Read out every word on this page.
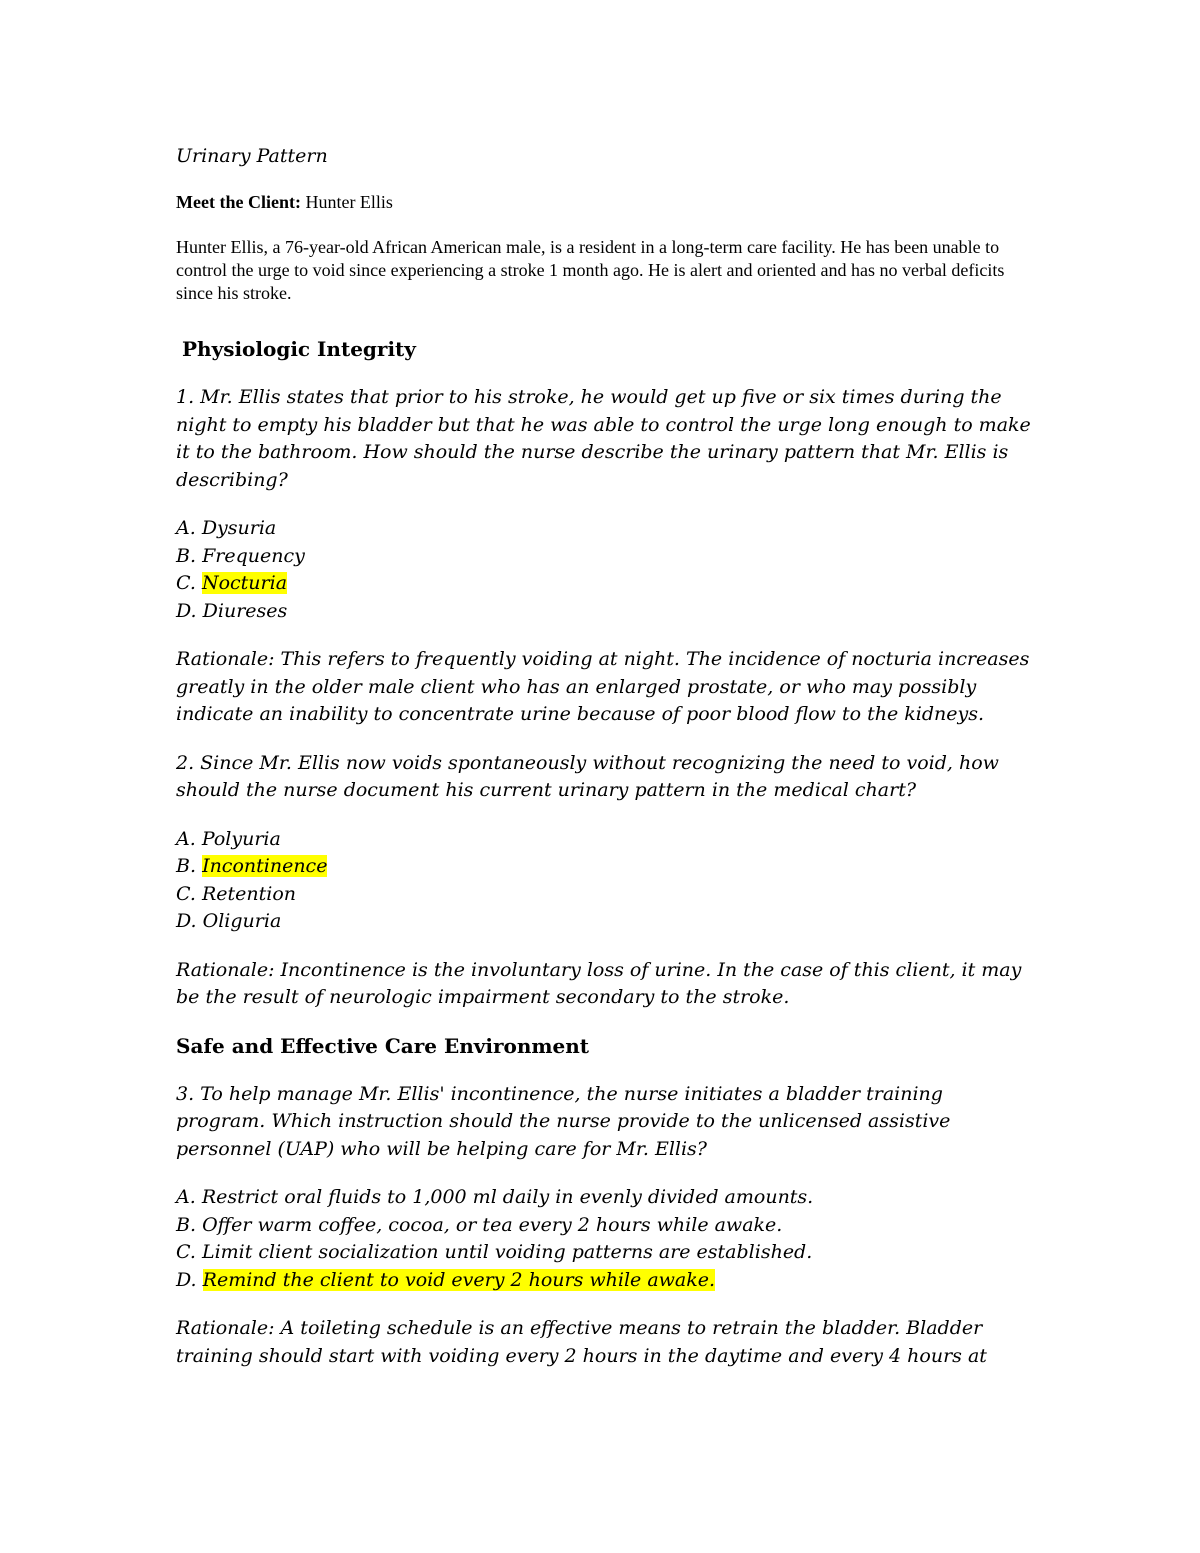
Urinary Pattern

Meet the Client: Hunter Ellis

Hunter Ellis, a 76-year-old African American male, is a resident in a long-term care facility. He has been unable to control the urge to void since experiencing a stroke 1 month ago. He is alert and oriented and has no verbal deficits since his stroke.

Physiologic Integrity

1. Mr. Ellis states that prior to his stroke, he would get up five or six times during the night to empty his bladder but that he was able to control the urge long enough to make it to the bathroom. How should the nurse describe the urinary pattern that Mr. Ellis is describing?

A. Dysuria
B. Frequency
C. Nocturia
D. Diureses

Rationale: This refers to frequently voiding at night. The incidence of nocturia increases greatly in the older male client who has an enlarged prostate, or who may possibly indicate an inability to concentrate urine because of poor blood flow to the kidneys.

2. Since Mr. Ellis now voids spontaneously without recognizing the need to void, how should the nurse document his current urinary pattern in the medical chart?

A. Polyuria
B. Incontinence
C. Retention
D. Oliguria

Rationale: Incontinence is the involuntary loss of urine. In the case of this client, it may be the result of neurologic impairment secondary to the stroke.

Safe and Effective Care Environment

3. To help manage Mr. Ellis' incontinence, the nurse initiates a bladder training program. Which instruction should the nurse provide to the unlicensed assistive personnel (UAP) who will be helping care for Mr. Ellis?

A. Restrict oral fluids to 1,000 ml daily in evenly divided amounts.
B. Offer warm coffee, cocoa, or tea every 2 hours while awake.
C. Limit client socialization until voiding patterns are established.
D. Remind the client to void every 2 hours while awake.

Rationale: A toileting schedule is an effective means to retrain the bladder. Bladder training should start with voiding every 2 hours in the daytime and every 4 hours at
